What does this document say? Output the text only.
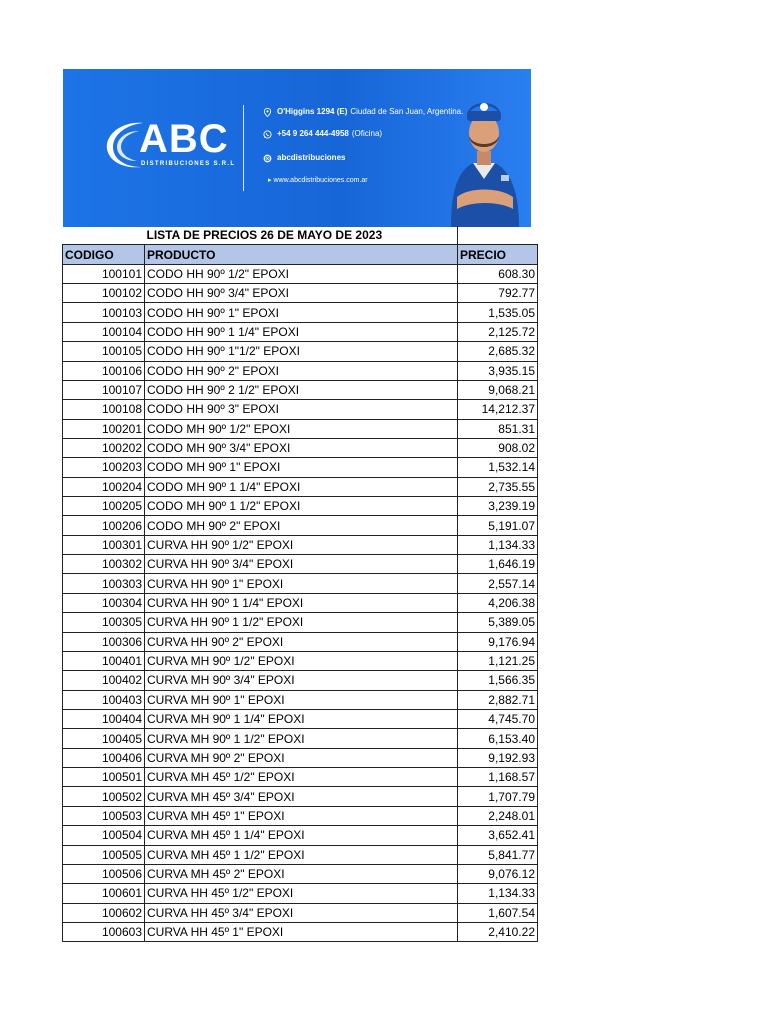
ABC
DISTRIBUCIONES S.R.L
O'Higgins 1294 (E) Ciudad de San Juan, Argentina.
+54 9 264 444-4958 (Oficina)
abcdistribuciones
▸ www.abcdistribuciones.com.ar
	LISTA DE PRECIOS 26 DE MAYO DE 2023	
CODIGO	PRODUCTO	PRECIO
100101	CODO HH 90º 1/2" EPOXI	608.30
100102	CODO HH 90º 3/4" EPOXI	792.77
100103	CODO HH 90º 1" EPOXI	1,535.05
100104	CODO HH 90º 1 1/4" EPOXI	2,125.72
100105	CODO HH 90º 1"1/2" EPOXI	2,685.32
100106	CODO HH 90º 2" EPOXI	3,935.15
100107	CODO HH 90º 2 1/2" EPOXI	9,068.21
100108	CODO HH 90º 3" EPOXI	14,212.37
100201	CODO MH 90º 1/2" EPOXI	851.31
100202	CODO MH 90º 3/4" EPOXI	908.02
100203	CODO MH 90º 1" EPOXI	1,532.14
100204	CODO MH 90º 1 1/4" EPOXI	2,735.55
100205	CODO MH 90º 1 1/2" EPOXI	3,239.19
100206	CODO MH 90º 2" EPOXI	5,191.07
100301	CURVA HH 90º 1/2" EPOXI	1,134.33
100302	CURVA HH 90º 3/4" EPOXI	1,646.19
100303	CURVA HH 90º 1" EPOXI	2,557.14
100304	CURVA HH 90º 1 1/4" EPOXI	4,206.38
100305	CURVA HH 90º 1 1/2" EPOXI	5,389.05
100306	CURVA HH 90º 2" EPOXI	9,176.94
100401	CURVA MH 90º 1/2" EPOXI	1,121.25
100402	CURVA MH 90º 3/4" EPOXI	1,566.35
100403	CURVA MH 90º 1" EPOXI	2,882.71
100404	CURVA MH 90º 1 1/4" EPOXI	4,745.70
100405	CURVA MH 90º 1 1/2" EPOXI	6,153.40
100406	CURVA MH 90º 2" EPOXI	9,192.93
100501	CURVA MH 45º 1/2" EPOXI	1,168.57
100502	CURVA MH 45º 3/4" EPOXI	1,707.79
100503	CURVA MH 45º 1" EPOXI	2,248.01
100504	CURVA MH 45º 1 1/4" EPOXI	3,652.41
100505	CURVA MH 45º 1 1/2" EPOXI	5,841.77
100506	CURVA MH 45º 2" EPOXI	9,076.12
100601	CURVA HH 45º 1/2" EPOXI	1,134.33
100602	CURVA HH 45º 3/4" EPOXI	1,607.54
100603	CURVA HH 45º 1" EPOXI	2,410.22
